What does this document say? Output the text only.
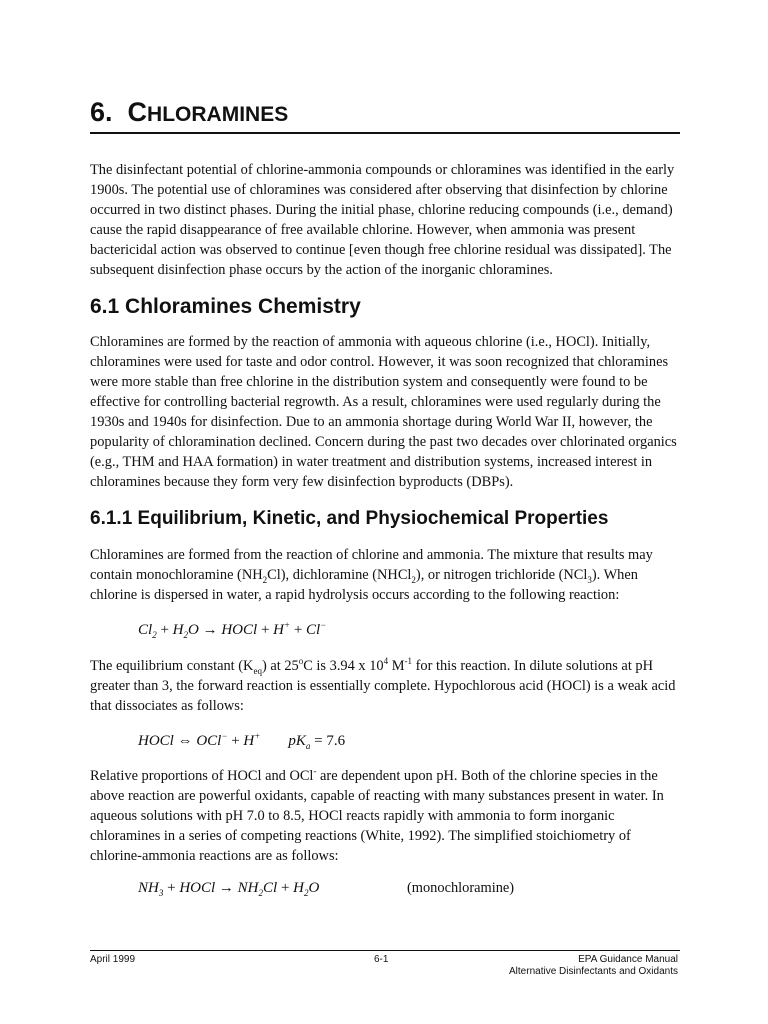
6. CHLORAMINES

The disinfectant potential of chlorine-ammonia compounds or chloramines was identified in the early 1900s. The potential use of chloramines was considered after observing that disinfection by chlorine occurred in two distinct phases. During the initial phase, chlorine reducing compounds (i.e., demand) cause the rapid disappearance of free available chlorine. However, when ammonia was present bactericidal action was observed to continue [even though free chlorine residual was dissipated]. The subsequent disinfection phase occurs by the action of the inorganic chloramines.

6.1 Chloramines Chemistry

Chloramines are formed by the reaction of ammonia with aqueous chlorine (i.e., HOCl). Initially, chloramines were used for taste and odor control. However, it was soon recognized that chloramines were more stable than free chlorine in the distribution system and consequently were found to be effective for controlling bacterial regrowth. As a result, chloramines were used regularly during the 1930s and 1940s for disinfection. Due to an ammonia shortage during World War II, however, the popularity of chloramination declined. Concern during the past two decades over chlorinated organics (e.g., THM and HAA formation) in water treatment and distribution systems, increased interest in chloramines because they form very few disinfection byproducts (DBPs).

6.1.1 Equilibrium, Kinetic, and Physiochemical Properties

Chloramines are formed from the reaction of chlorine and ammonia. The mixture that results may contain monochloramine $(NH_2Cl)$, dichloramine (NHCl$_2$), or nitrogen trichloride (NCl$_3$). When chlorine is dispersed in water, a rapid hydrolysis occurs according to the following reaction:

$Cl_2 + H_2O$ → HOCl + H+ + Cl−

The equilibrium constant $(K_{eq})$ at 25$^o$C is 3.94 x $10^4$ $M^{-1}$ for this reaction. In dilute solutions at pH greater than 3, the forward reaction is essentially complete. Hypochlorous acid (HOCl) is a weak acid that dissociates as follows:

HOCl ⇔ OCl− + H+ $pK_a = 7.6$

Relative proportions of HOCl and OCl- are dependent upon pH. Both of the chlorine species in the above reaction are powerful oxidants, capable of reacting with many substances present in water. In aqueous solutions with pH 7.0 to 8.5, HOCl reacts rapidly with ammonia to form inorganic chloramines in a series of competing reactions (White, 1992). The simplified stoichiometry of chlorine-ammonia reactions are as follows:

$NH_3$ + HOCl → $NH_2Cl + H_2O$	(monochloramine)
April 1999	6-1	EPA Guidance Manual
Alternative Disinfectants and Oxidants
